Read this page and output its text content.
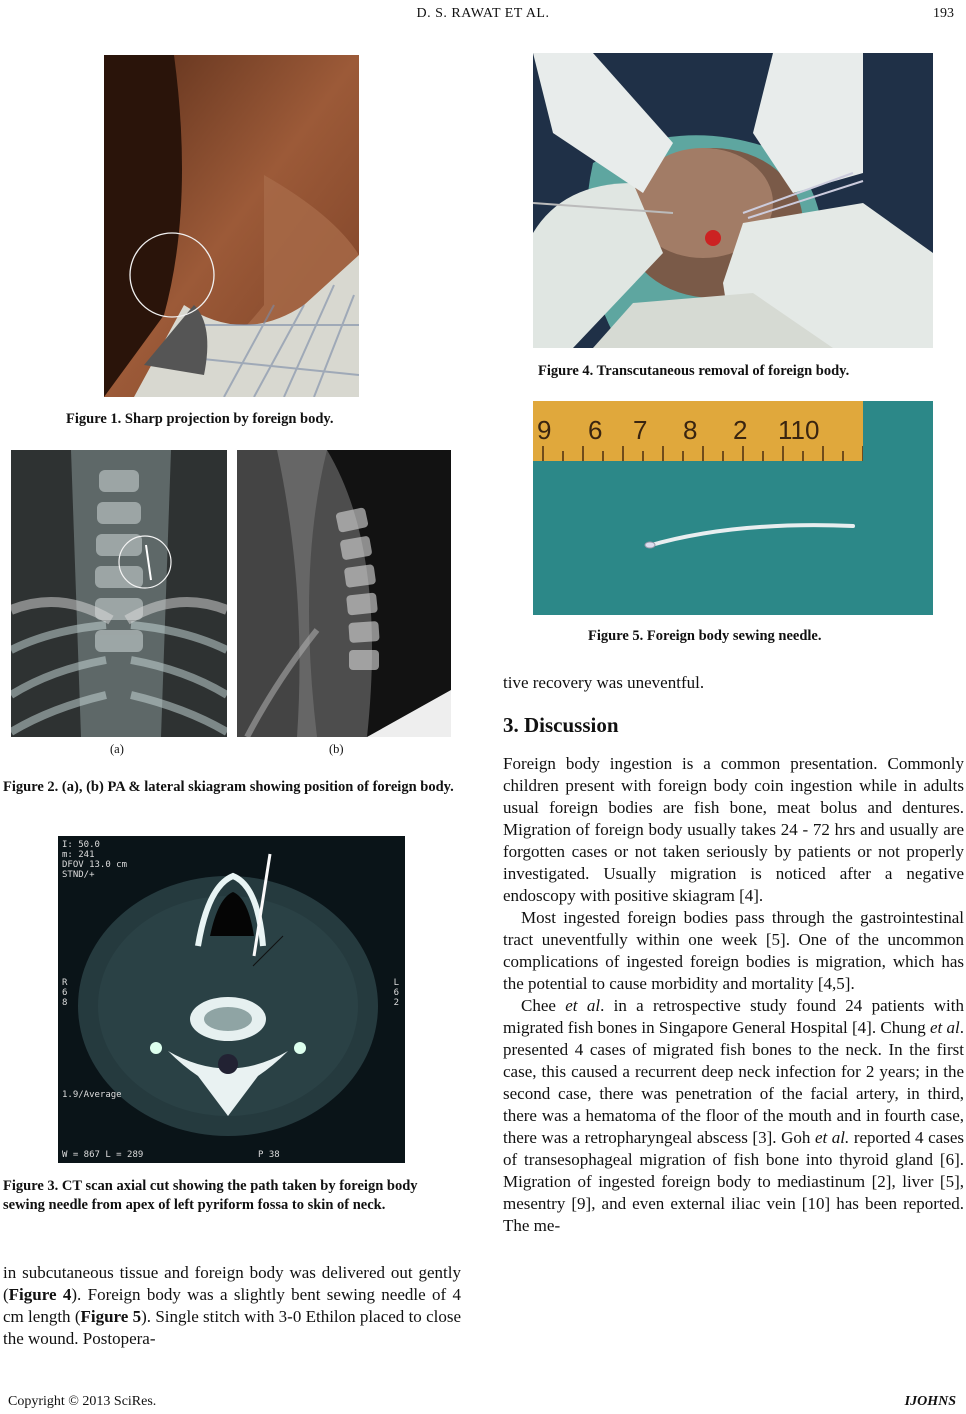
D. S. RAWAT ET AL.	193
Figure 1. Sharp projection by foreign body.
(a)	(b)
Figure 2. (a), (b) PA & lateral skiagram showing position of foreign body.
I: 50.0
m: 241
DFOV 13.0 cm
STND/+
R
6
8
L
6
2
1.9/Average
W = 867 L = 289	P 38
Figure 3. CT scan axial cut showing the path taken by foreign body sewing needle from apex of left pyriform fossa to skin of neck.

in subcutaneous tissue and foreign body was delivered out gently (Figure 4). Foreign body was a slightly bent sewing needle of 4 cm length (Figure 5). Single stitch with 3-0 Ethilon placed to close the wound. Postopera-

Figure 4. Transcutaneous removal of foreign body.
9 6 7 8 2 110
Figure 5. Foreign body sewing needle.
tive recovery was uneventful.
3. Discussion

Foreign body ingestion is a common presentation. Commonly children present with foreign body coin ingestion while in adults usual foreign bodies are fish bone, meat bolus and dentures. Migration of foreign body usually takes 24 - 72 hrs and usually are forgotten cases or not taken seriously by patients or not properly investigated. Usually migration is noticed after a negative endoscopy with positive skiagram [4].

Most ingested foreign bodies pass through the gastrointestinal tract uneventfully within one week [5]. One of the uncommon complications of ingested foreign bodies is migration, which has the potential to cause morbidity and mortality [4,5].

Chee et al. in a retrospective study found 24 patients with migrated fish bones in Singapore General Hospital [4]. Chung et al. presented 4 cases of migrated fish bones to the neck. In the first case, this caused a recurrent deep neck infection for 2 years; in the second case, there was penetration of the facial artery, in third, there was a hematoma of the floor of the mouth and in fourth case, there was a retropharyngeal abscess [3]. Goh et al. reported 4 cases of transesophageal migration of fish bone into thyroid gland [6]. Migration of ingested foreign body to mediastinum [2], liver [5], mesentry [9], and even external iliac vein [10] has been reported. The me-

Copyright © 2013 SciRes.	IJOHNS
